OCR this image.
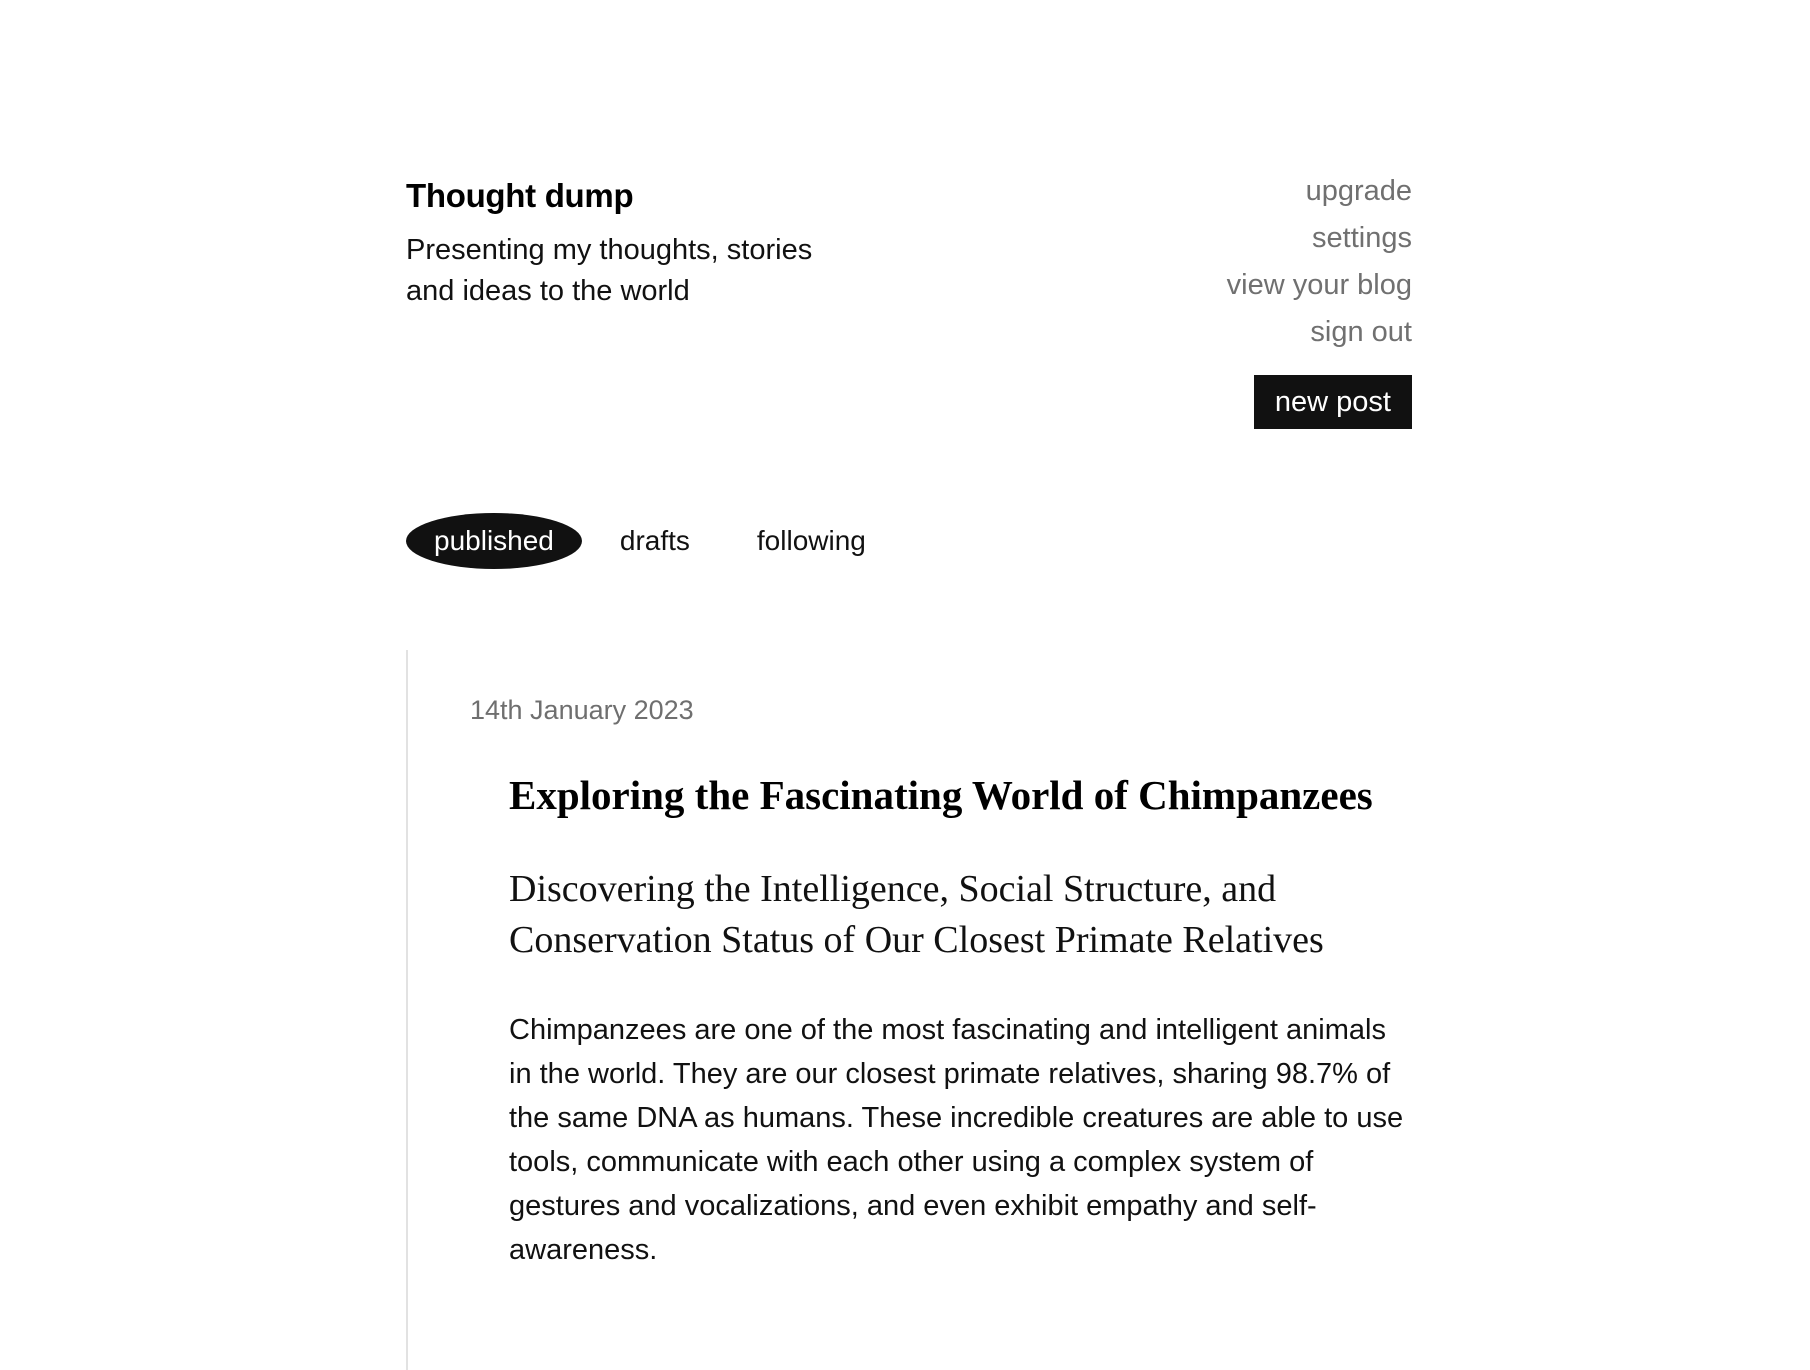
Thought dump
Presenting my thoughts, stories and ideas to the world
upgrade
settings
view your blog
sign out
new post
published	drafts following
14th January 2023
Exploring the Fascinating World of Chimpanzees
Discovering the Intelligence, Social Structure, and Conservation Status of Our Closest Primate Relatives

Chimpanzees are one of the most fascinating and intelligent animals in the world. They are our closest primate relatives, sharing 98.7% of the same DNA as humans. These incredible creatures are able to use tools, communicate with each other using a complex system of gestures and vocalizations, and even exhibit empathy and self-awareness.
